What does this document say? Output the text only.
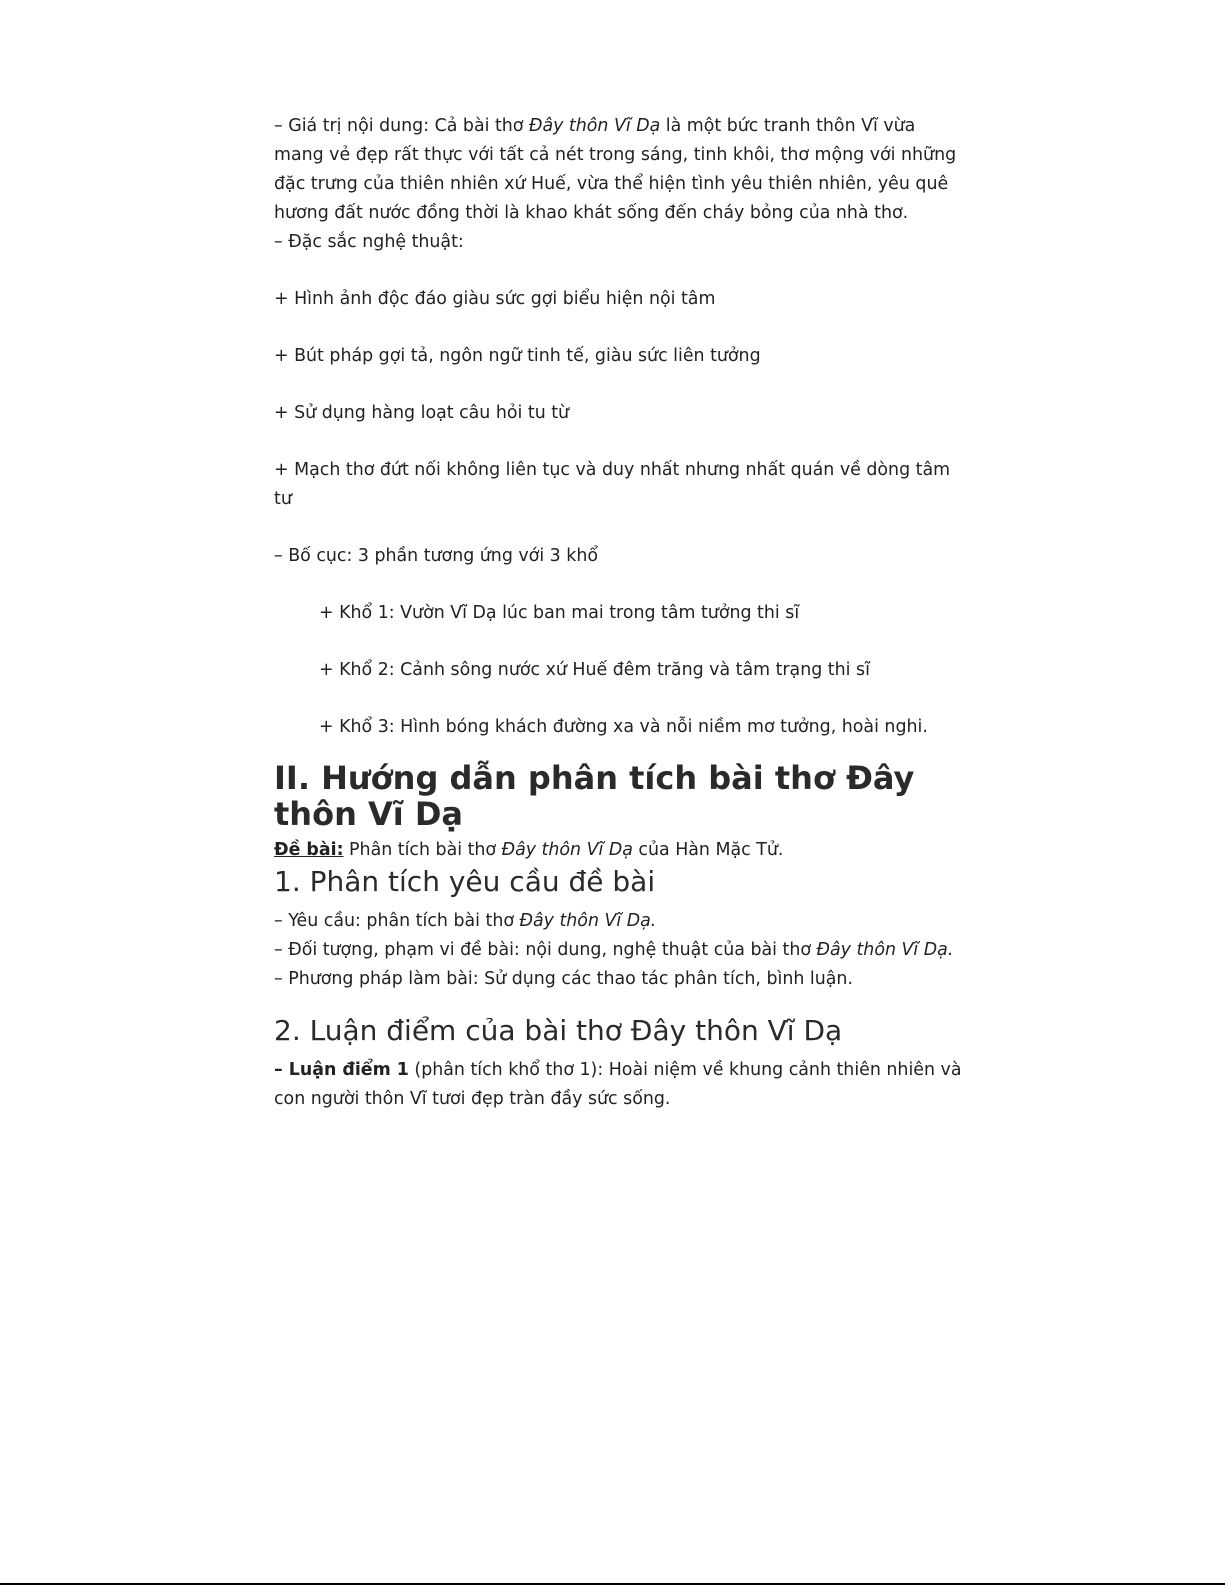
– Giá trị nội dung: Cả bài thơ Đây thôn Vĩ Dạ là một bức tranh thôn Vĩ vừa mang vẻ đẹp rất thực với tất cả nét trong sáng, tinh khôi, thơ mộng với những đặc trưng của thiên nhiên xứ Huế, vừa thể hiện tình yêu thiên nhiên, yêu quê hương đất nước đồng thời là khao khát sống đến cháy bỏng của nhà thơ.

– Đặc sắc nghệ thuật:

+ Hình ảnh độc đáo giàu sức gợi biểu hiện nội tâm

+ Bút pháp gợi tả, ngôn ngữ tinh tế, giàu sức liên tưởng

+ Sử dụng hàng loạt câu hỏi tu từ

+ Mạch thơ đứt nối không liên tục và duy nhất nhưng nhất quán về dòng tâm tư

– Bố cục: 3 phần tương ứng với 3 khổ

+ Khổ 1: Vườn Vĩ Dạ lúc ban mai trong tâm tưởng thi sĩ

+ Khổ 2: Cảnh sông nước xứ Huế đêm trăng và tâm trạng thi sĩ

+ Khổ 3: Hình bóng khách đường xa và nỗi niềm mơ tưởng, hoài nghi.

II. Hướng dẫn phân tích bài thơ Đây thôn Vĩ Dạ

Đề bài: Phân tích bài thơ Đây thôn Vĩ Dạ của Hàn Mặc Tử.

1. Phân tích yêu cầu đề bài

– Yêu cầu: phân tích bài thơ Đây thôn Vĩ Dạ.

– Đối tượng, phạm vi đề bài: nội dung, nghệ thuật của bài thơ Đây thôn Vĩ Dạ.

– Phương pháp làm bài: Sử dụng các thao tác phân tích, bình luận.

2. Luận điểm của bài thơ Đây thôn Vĩ Dạ

– Luận điểm 1 (phân tích khổ thơ 1): Hoài niệm về khung cảnh thiên nhiên và con người thôn Vĩ tươi đẹp tràn đầy sức sống.
